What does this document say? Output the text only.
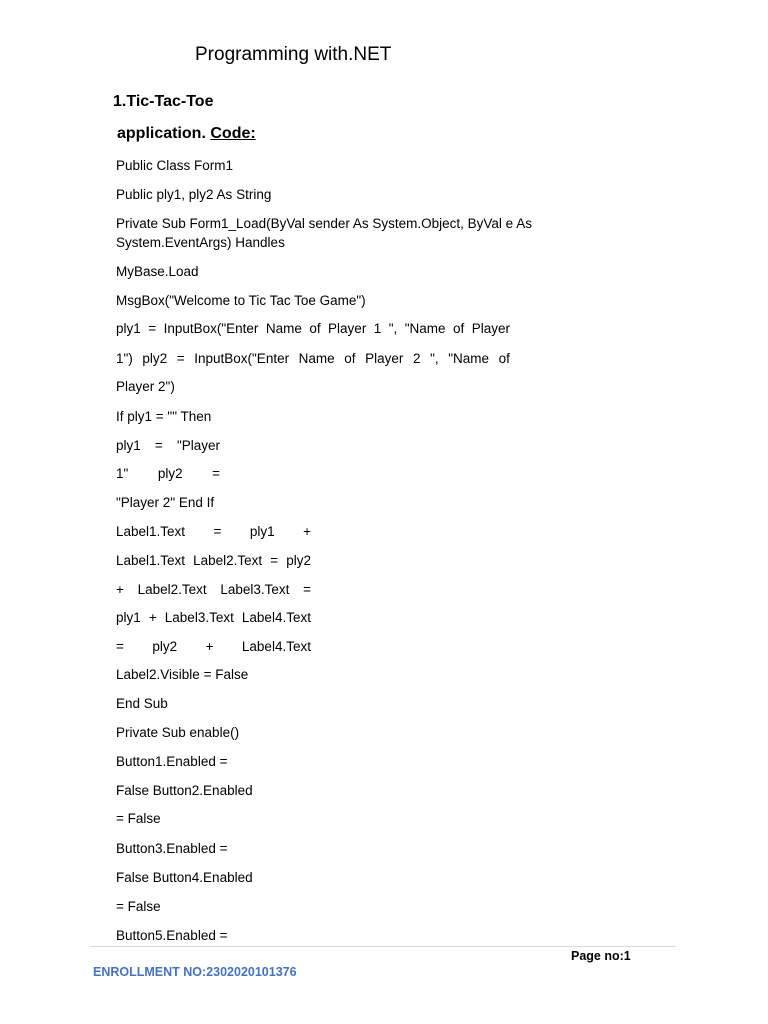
Programming with.NET
1.Tic-Tac-Toe
application. Code:
Public Class Form1
Public ply1, ply2 As String
Private Sub Form1_Load(ByVal sender As System.Object, ByVal e As
System.EventArgs) Handles
MyBase.Load
MsgBox("Welcome to Tic Tac Toe Game")
ply1 = InputBox("Enter Name of Player 1 ", "Name of Player
1") ply2 = InputBox("Enter Name of Player 2 ", "Name of
Player 2")
If ply1 = "" Then
ply1 = "Player
1" ply2 =
"Player 2" End If
Label1.Text = ply1 +
Label1.Text Label2.Text = ply2
+ Label2.Text Label3.Text =
ply1 + Label3.Text Label4.Text
= ply2 + Label4.Text
Label2.Visible = False
End Sub
Private Sub enable()
Button1.Enabled =
False Button2.Enabled
= False
Button3.Enabled =
False Button4.Enabled
= False
Button5.Enabled =
Page no:1
ENROLLMENT NO:2302020101376
